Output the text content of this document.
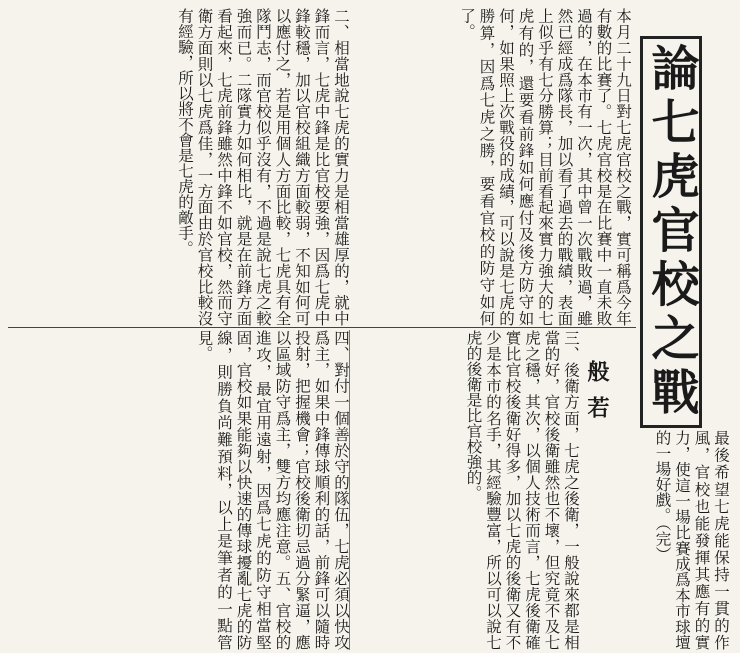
論七虎官校之戰
般若
本月二十九日對七虎官校之戰，實可稱爲今年有數的比賽了。七虎官校是在比賽中一直未敗過的，在本市有一次，其中曾一次戰敗過，雖然已經成爲隊長，加以看了過去的戰績，表面上似乎有七分勝算；目前看起來實力強大的七虎有的，還要看前鋒如何應付及後方防守如何，如果照上次戰役的成績，可以說是七虎的勝算，因爲七虎之勝，要看官校的防守如何了。
二、相當地說七虎的實力是相當雄厚的，就中鋒而言，七虎中鋒是比官校要強，因爲七虎中鋒較穩，加以官校組織方面較弱，不知如何可以應付之，若是用個人方面比較，七虎具有全隊鬥志，而官校似乎沒有，不過是說七虎之較強而已。二隊實力如何相比，就是在前鋒方面看起來，七虎前鋒雖然中鋒不如官校，然而守衛方面則以七虎爲佳，一方面由於官校比較沒有經驗，所以將不會是七虎的敵手。
三、後衛方面，七虎之後衛，一般說來都是相當的好，官校後衛雖然也不壞，但究竟不及七虎之穩，其次，以個人技術而言，七虎後衛確實比官校後衛好得多，加以七虎的後衛又有不少是本市的名手，其經驗豐富，所以可以說七虎的後衛是比官校強的。
四、對付一個善於守的隊伍，七虎必須以快攻爲主，如果中鋒傳球順利的話，前鋒可以隨時投射，把握機會；官校後衛切忌過分緊逼，應以區域防守爲主，雙方均應注意。五、官校的進攻，最宜用遠射，因爲七虎的防守相當堅固，官校如果能夠以快速的傳球擾亂七虎的防線，則勝負尚難預料，以上是筆者的一點管見。
最後希望七虎能保持一貫的作風，官校也能發揮其應有的實力，使這一場比賽成爲本市球壇的一場好戲。（完）
